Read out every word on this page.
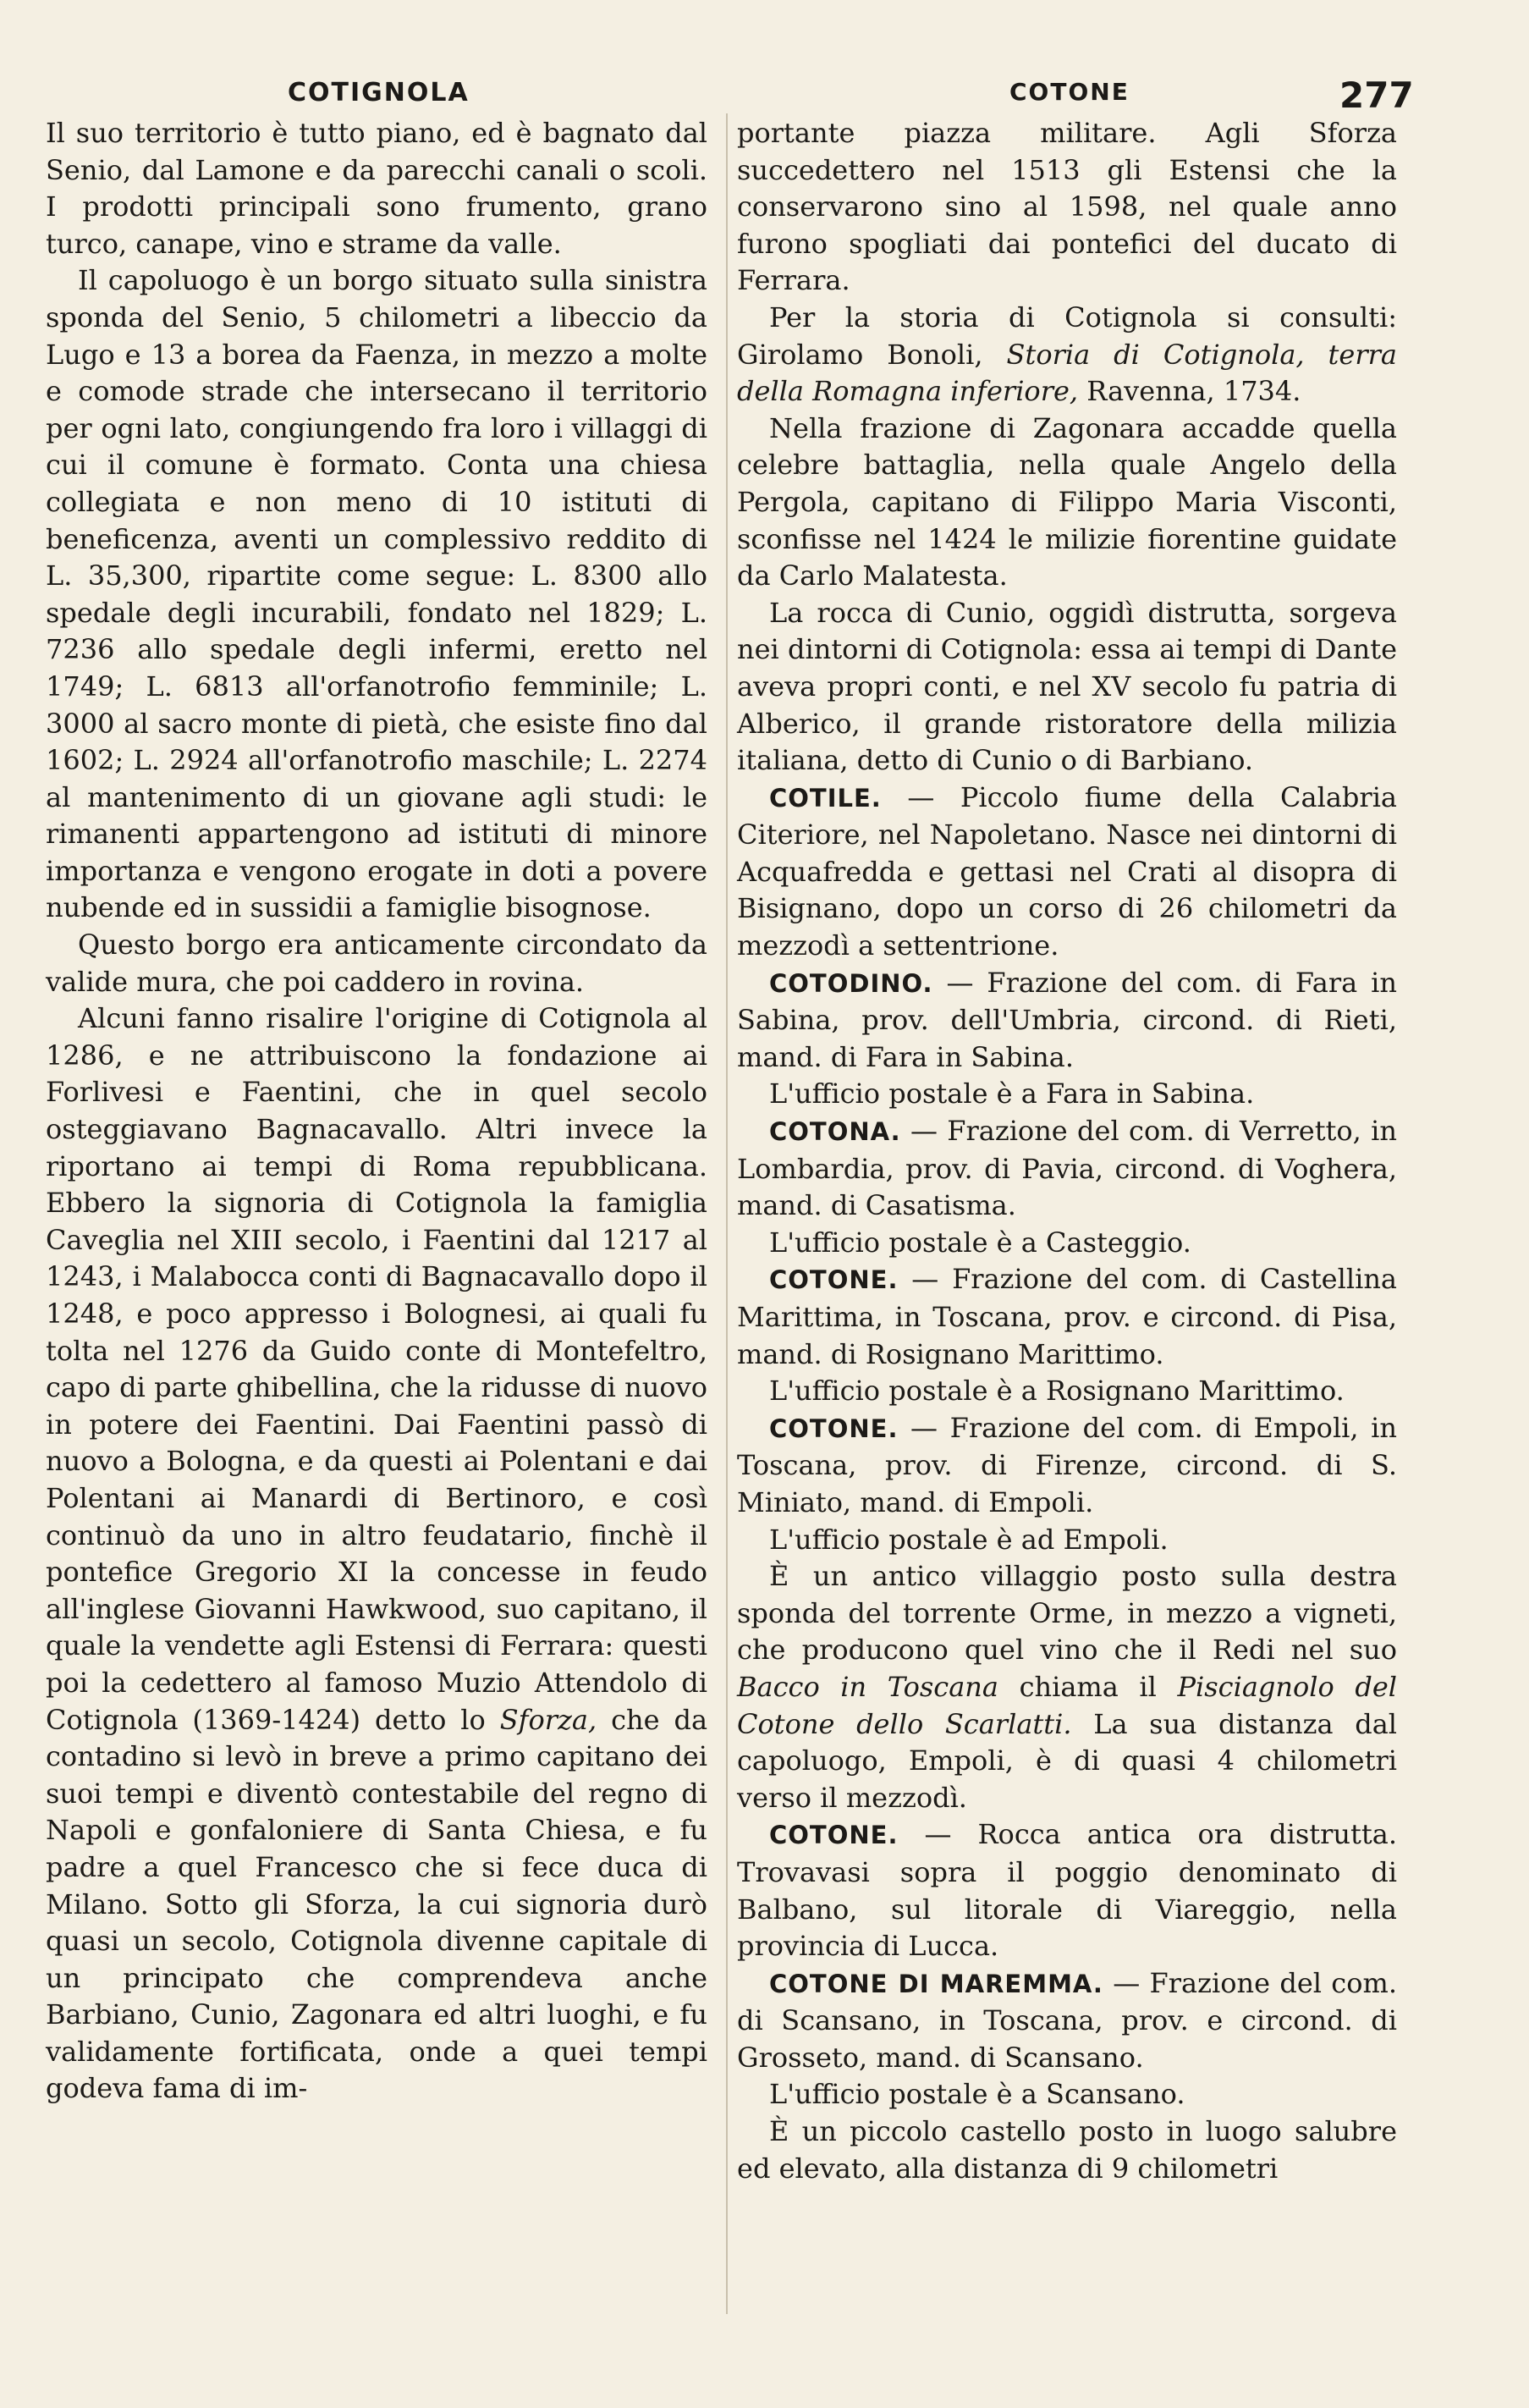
COTIGNOLA	COTONE	277

Il suo territorio è tutto piano, ed è bagnato dal Senio, dal Lamone e da parecchi canali o scoli. I prodotti principali sono frumento, grano turco, canape, vino e strame da valle.

Il capoluogo è un borgo situato sulla sinistra sponda del Senio, 5 chilometri a libeccio da Lugo e 13 a borea da Faenza, in mezzo a molte e comode strade che intersecano il territorio per ogni lato, congiungendo fra loro i villaggi di cui il comune è formato. Conta una chiesa collegiata e non meno di 10 istituti di beneficenza, aventi un complessivo reddito di L. 35,300, ripartite come segue: L. 8300 allo spedale degli incurabili, fondato nel 1829; L. 7236 allo spedale degli infermi, eretto nel 1749; L. 6813 all'orfanotrofio femminile; L. 3000 al sacro monte di pietà, che esiste fino dal 1602; L. 2924 all'orfanotrofio maschile; L. 2274 al mantenimento di un giovane agli studi: le rimanenti appartengono ad istituti di minore importanza e vengono erogate in doti a povere nubende ed in sussidii a famiglie bisognose.

Questo borgo era anticamente circondato da valide mura, che poi caddero in rovina.

Alcuni fanno risalire l'origine di Cotignola al 1286, e ne attribuiscono la fondazione ai Forlivesi e Faentini, che in quel secolo osteggiavano Bagnacavallo. Altri invece la riportano ai tempi di Roma repubblicana. Ebbero la signoria di Cotignola la famiglia Caveglia nel XIII secolo, i Faentini dal 1217 al 1243, i Malabocca conti di Bagnacavallo dopo il 1248, e poco appresso i Bolognesi, ai quali fu tolta nel 1276 da Guido conte di Montefeltro, capo di parte ghibellina, che la ridusse di nuovo in potere dei Faentini. Dai Faentini passò di nuovo a Bologna, e da questi ai Polentani e dai Polentani ai Manardi di Bertinoro, e così continuò da uno in altro feudatario, finchè il pontefice Gregorio XI la concesse in feudo all'inglese Giovanni Hawkwood, suo capitano, il quale la vendette agli Estensi di Ferrara: questi poi la cedettero al famoso Muzio Attendolo di Cotignola (1369-1424) detto lo Sforza, che da contadino si levò in breve a primo capitano dei suoi tempi e diventò contestabile del regno di Napoli e gonfaloniere di Santa Chiesa, e fu padre a quel Francesco che si fece duca di Milano. Sotto gli Sforza, la cui signoria durò quasi un secolo, Cotignola divenne capitale di un principato che comprendeva anche Barbiano, Cunio, Zagonara ed altri luoghi, e fu validamente fortificata, onde a quei tempi godeva fama di im-

portante piazza militare. Agli Sforza succedettero nel 1513 gli Estensi che la conservarono sino al 1598, nel quale anno furono spogliati dai pontefici del ducato di Ferrara.

Per la storia di Cotignola si consulti: Girolamo Bonoli, Storia di Cotignola, terra della Romagna inferiore, Ravenna, 1734.

Nella frazione di Zagonara accadde quella celebre battaglia, nella quale Angelo della Pergola, capitano di Filippo Maria Visconti, sconfisse nel 1424 le milizie fiorentine guidate da Carlo Malatesta.

La rocca di Cunio, oggidì distrutta, sorgeva nei dintorni di Cotignola: essa ai tempi di Dante aveva propri conti, e nel XV secolo fu patria di Alberico, il grande ristoratore della milizia italiana, detto di Cunio o di Barbiano.

COTILE. — Piccolo fiume della Calabria Citeriore, nel Napoletano. Nasce nei dintorni di Acquafredda e gettasi nel Crati al disopra di Bisignano, dopo un corso di 26 chilometri da mezzodì a settentrione.

COTODINO. — Frazione del com. di Fara in Sabina, prov. dell'Umbria, circond. di Rieti, mand. di Fara in Sabina.

L'ufficio postale è a Fara in Sabina.

COTONA. — Frazione del com. di Verretto, in Lombardia, prov. di Pavia, circond. di Voghera, mand. di Casatisma.

L'ufficio postale è a Casteggio.

COTONE. — Frazione del com. di Castellina Marittima, in Toscana, prov. e circond. di Pisa, mand. di Rosignano Marittimo.

L'ufficio postale è a Rosignano Marittimo.

COTONE. — Frazione del com. di Empoli, in Toscana, prov. di Firenze, circond. di S. Miniato, mand. di Empoli.

L'ufficio postale è ad Empoli.

È un antico villaggio posto sulla destra sponda del torrente Orme, in mezzo a vigneti, che producono quel vino che il Redi nel suo Bacco in Toscana chiama il Pisciagnolo del Cotone dello Scarlatti. La sua distanza dal capoluogo, Empoli, è di quasi 4 chilometri verso il mezzodì.

COTONE. — Rocca antica ora distrutta. Trovavasi sopra il poggio denominato di Balbano, sul litorale di Viareggio, nella provincia di Lucca.

COTONE DI MAREMMA. — Frazione del com. di Scansano, in Toscana, prov. e circond. di Grosseto, mand. di Scansano.

L'ufficio postale è a Scansano.

È un piccolo castello posto in luogo salubre ed elevato, alla distanza di 9 chilometri
